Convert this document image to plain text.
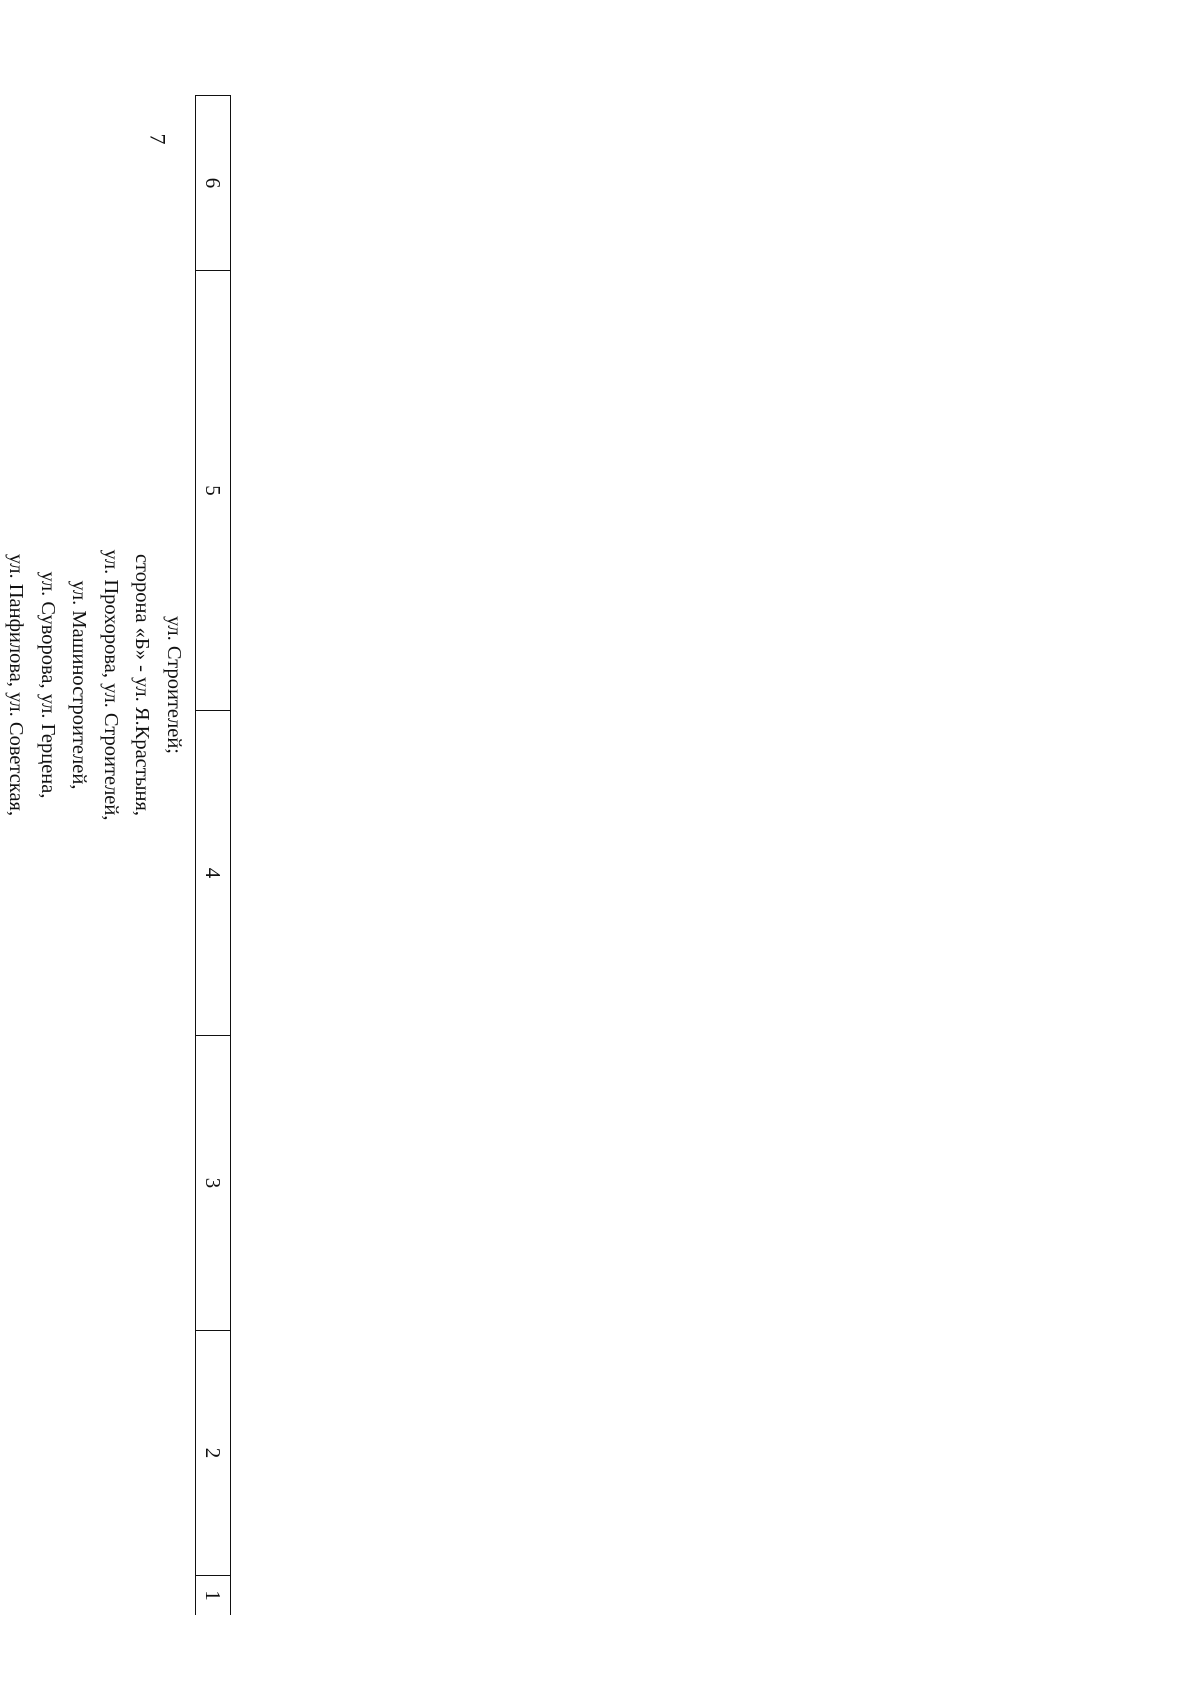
7
6
5
4
3
2
1
ул. Строителей;
сторона «Б» - ул. Я.Крастыня,
ул. Прохорова, ул. Строителей,
ул. Машиностроителей,
ул. Суворова, ул. Герцена,
ул. Панфилова, ул. Советская,
